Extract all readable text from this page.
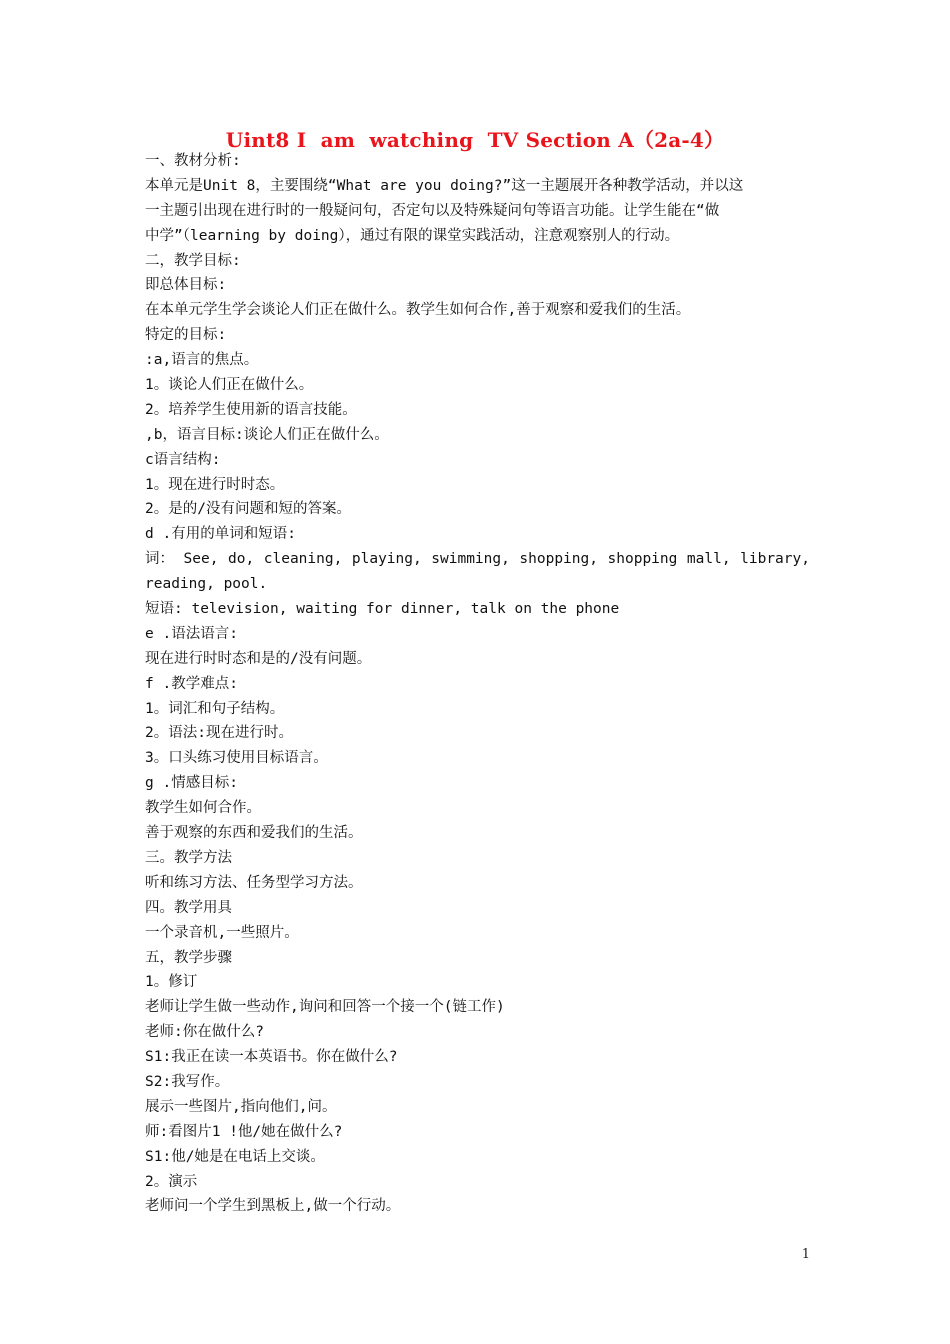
Uint8 I  am  watching  TV Section A（2a-4）

一、教材分析:

本单元是Unit 8，主要围绕“What are you doing?”这一主题展开各种教学活动，并以这

一主题引出现在进行时的一般疑问句，否定句以及特殊疑问句等语言功能。让学生能在“做

中学”（learning by doing），通过有限的课堂实践活动，注意观察别人的行动。

二，教学目标:

即总体目标:

在本单元学生学会谈论人们正在做什么。教学生如何合作,善于观察和爱我们的生活。

特定的目标:

:a,语言的焦点。

1。谈论人们正在做什么。

2。培养学生使用新的语言技能。

,b，语言目标:谈论人们正在做什么。

c语言结构:

1。现在进行时时态。

2。是的/没有问题和短的答案。

d .有用的单词和短语:

词： See, do, cleaning, playing, swimming, shopping, shopping mall, library,

reading, pool.

短语: television, waiting for dinner, talk on the phone

e .语法语言:

现在进行时时态和是的/没有问题。

f .教学难点:

1。词汇和句子结构。

2。语法:现在进行时。

3。口头练习使用目标语言。

g .情感目标:

教学生如何合作。

善于观察的东西和爱我们的生活。

三。教学方法

听和练习方法、任务型学习方法。

四。教学用具

一个录音机,一些照片。

五，教学步骤

1。修订

老师让学生做一些动作,询问和回答一个接一个(链工作)

老师:你在做什么?

S1:我正在读一本英语书。你在做什么?

S2:我写作。

展示一些图片,指向他们,问。

师:看图片1 !他/她在做什么?

S1:他/她是在电话上交谈。

2。演示

老师问一个学生到黑板上,做一个行动。

1
